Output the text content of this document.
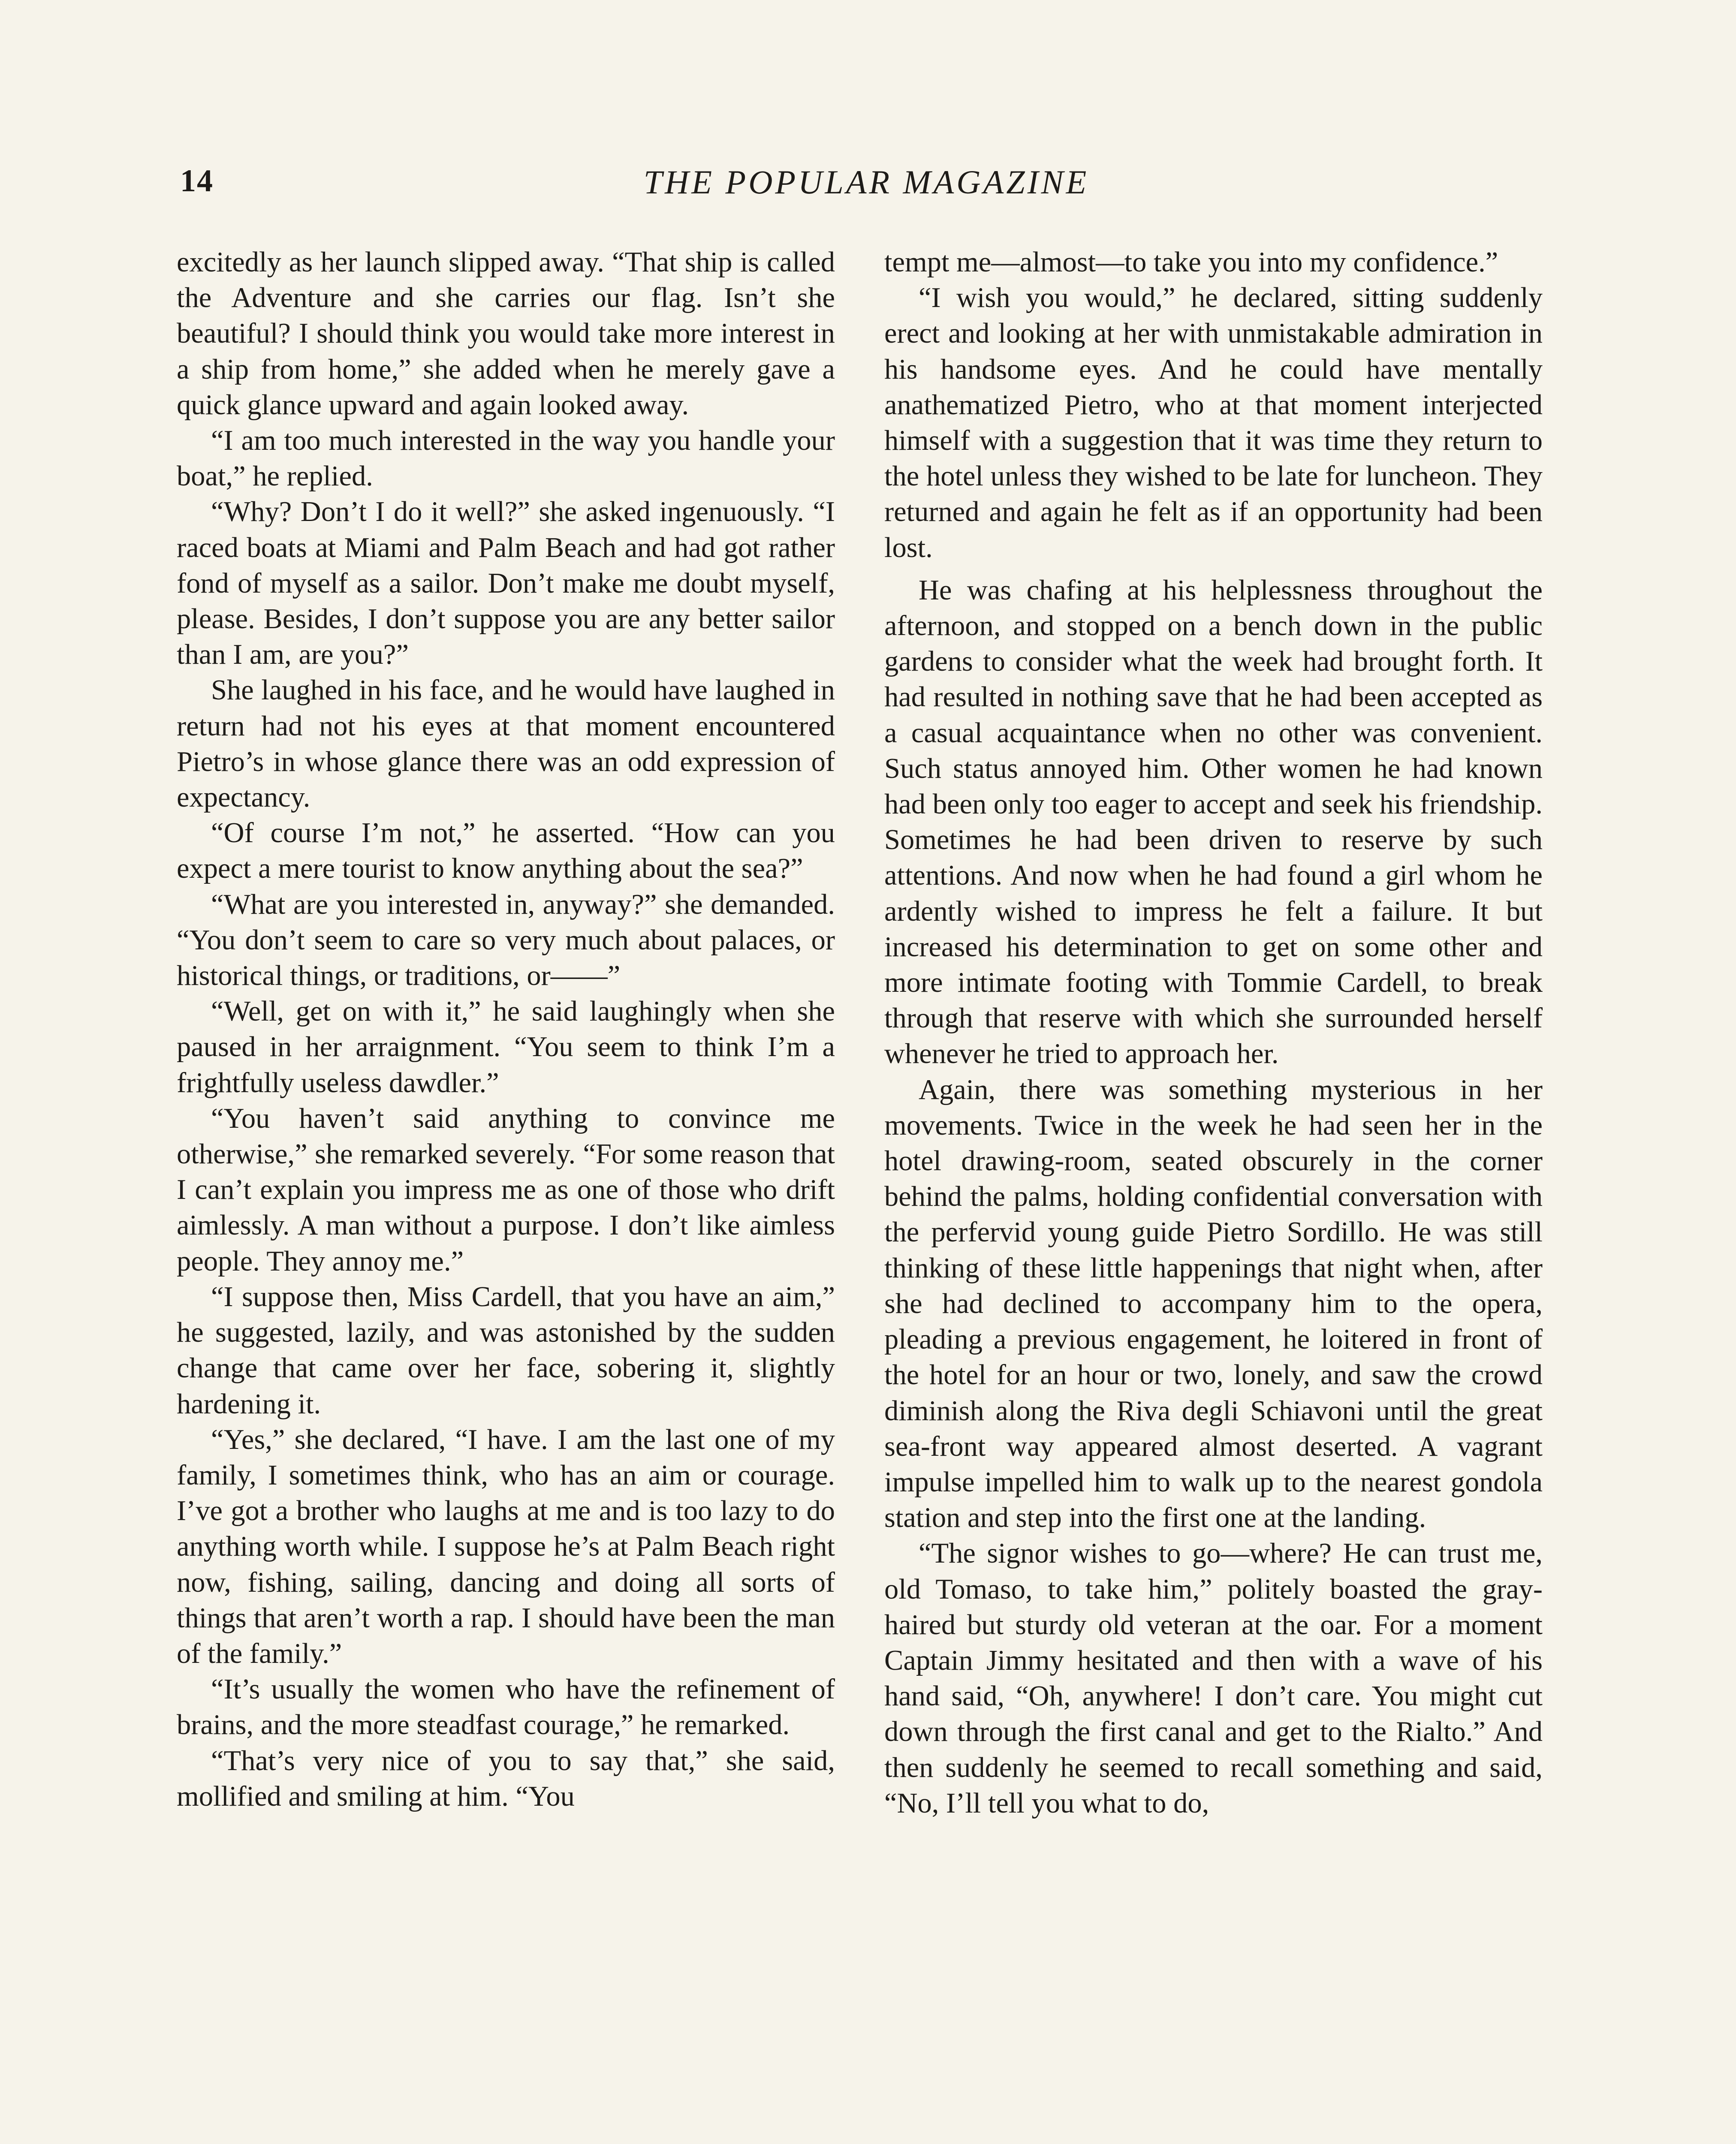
14	THE POPULAR MAGAZINE

excitedly as her launch slipped away. “That ship is called the Adventure and she carries our flag. Isn’t she beautiful? I should think you would take more interest in a ship from home,” she added when he merely gave a quick glance upward and again looked away.

“I am too much interested in the way you handle your boat,” he replied.

“Why? Don’t I do it well?” she asked ingenuously. “I raced boats at Miami and Palm Beach and had got rather fond of myself as a sailor. Don’t make me doubt myself, please. Besides, I don’t suppose you are any better sailor than I am, are you?”

She laughed in his face, and he would have laughed in return had not his eyes at that moment encountered Pietro’s in whose glance there was an odd expression of expectancy.

“Of course I’m not,” he asserted. “How can you expect a mere tourist to know anything about the sea?”

“What are you interested in, anyway?” she demanded. “You don’t seem to care so very much about palaces, or historical things, or traditions, or——”

“Well, get on with it,” he said laughingly when she paused in her arraignment. “You seem to think I’m a frightfully useless dawdler.”

“You haven’t said anything to convince me otherwise,” she remarked severely. “For some reason that I can’t explain you impress me as one of those who drift aimlessly. A man without a purpose. I don’t like aimless people. They annoy me.”

“I suppose then, Miss Cardell, that you have an aim,” he suggested, lazily, and was astonished by the sudden change that came over her face, sobering it, slightly hardening it.

“Yes,” she declared, “I have. I am the last one of my family, I sometimes think, who has an aim or courage. I’ve got a brother who laughs at me and is too lazy to do anything worth while. I suppose he’s at Palm Beach right now, fishing, sailing, dancing and doing all sorts of things that aren’t worth a rap. I should have been the man of the family.”

“It’s usually the women who have the refinement of brains, and the more steadfast courage,” he remarked.

“That’s very nice of you to say that,” she said, mollified and smiling at him. “You

tempt me—almost—to take you into my confidence.”

“I wish you would,” he declared, sitting suddenly erect and looking at her with unmistakable admiration in his handsome eyes. And he could have mentally anathematized Pietro, who at that moment interjected himself with a suggestion that it was time they return to the hotel unless they wished to be late for luncheon. They returned and again he felt as if an opportunity had been lost.

He was chafing at his helplessness throughout the afternoon, and stopped on a bench down in the public gardens to consider what the week had brought forth. It had resulted in nothing save that he had been accepted as a casual acquaintance when no other was convenient. Such status annoyed him. Other women he had known had been only too eager to accept and seek his friendship. Sometimes he had been driven to reserve by such attentions. And now when he had found a girl whom he ardently wished to impress he felt a failure. It but increased his determination to get on some other and more intimate footing with Tommie Cardell, to break through that reserve with which she surrounded herself whenever he tried to approach her.

Again, there was something mysterious in her movements. Twice in the week he had seen her in the hotel drawing-room, seated obscurely in the corner behind the palms, holding confidential conversation with the perfervid young guide Pietro Sordillo. He was still thinking of these little happenings that night when, after she had declined to accompany him to the opera, pleading a previous engagement, he loitered in front of the hotel for an hour or two, lonely, and saw the crowd diminish along the Riva degli Schiavoni until the great sea-front way appeared almost deserted. A vagrant impulse impelled him to walk up to the nearest gondola station and step into the first one at the landing.

“The signor wishes to go—where? He can trust me, old Tomaso, to take him,” politely boasted the gray-haired but sturdy old veteran at the oar. For a moment Captain Jimmy hesitated and then with a wave of his hand said, “Oh, anywhere! I don’t care. You might cut down through the first canal and get to the Rialto.” And then suddenly he seemed to recall something and said, “No, I’ll tell you what to do,
